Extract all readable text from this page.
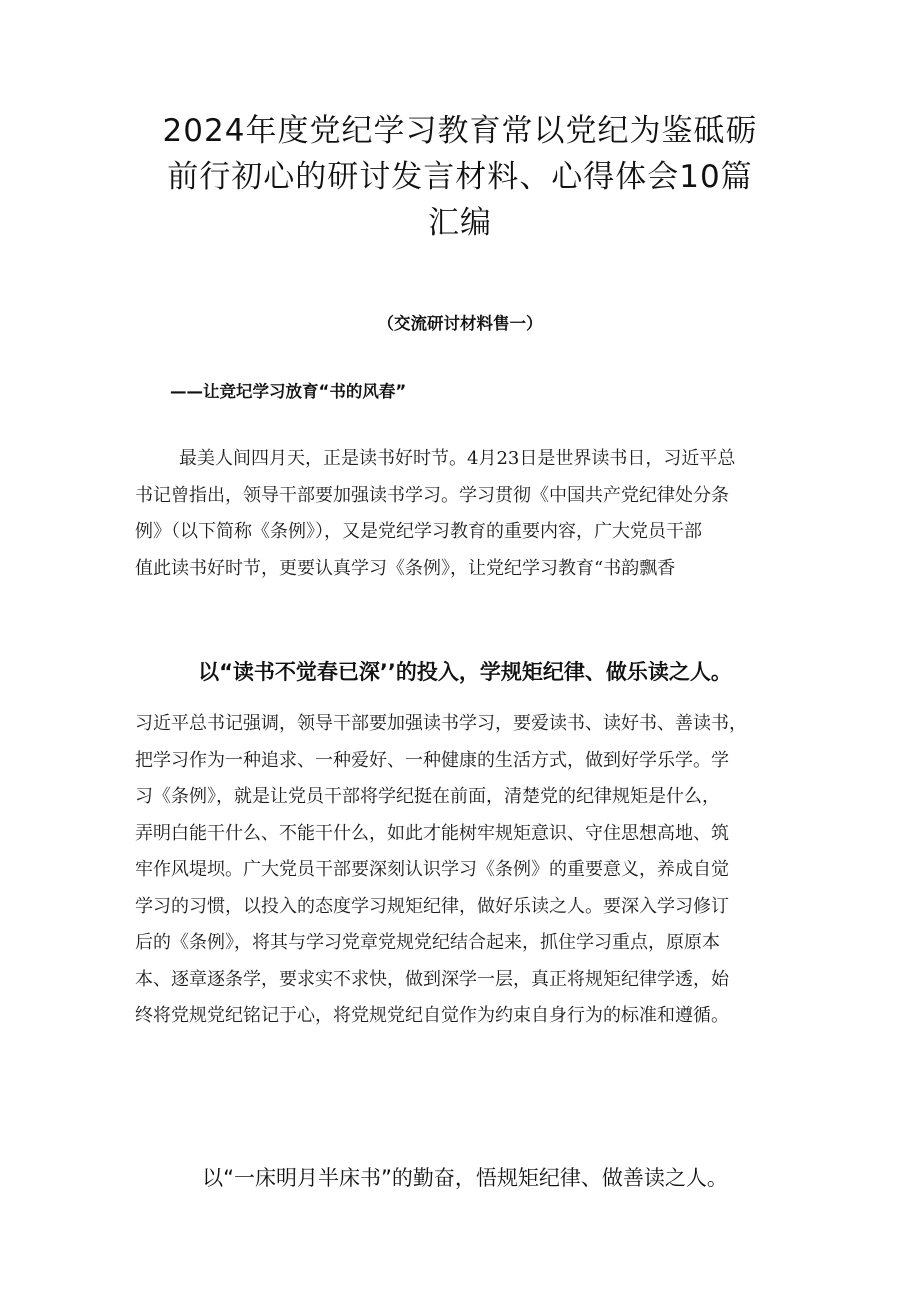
2024年度党纪学习教育常以党纪为鉴砥砺
前行初心的研讨发言材料、心得体会10篇
汇编
（交流研讨材料售一）
——让竞圮学习放育“书的风春”
最美人间四月天，正是读书好时节。4月23日是世界读书日，习近平总
书记曾指出，领导干部要加强读书学习。学习贯彻《中国共产党纪律处分条
例》（以下简称《条例》），又是党纪学习教育的重要内容，广大党员干部
值此读书好时节，更要认真学习《条例》，让党纪学习教育“书韵飘香
以“读书不觉春已深’’的投入，学规矩纪律、做乐读之人。
习近平总书记强调，领导干部要加强读书学习，要爱读书、读好书、善读书，
把学习作为一种追求、一种爱好、一种健康的生活方式，做到好学乐学。学
习《条例》，就是让党员干部将学纪挺在前面，清楚党的纪律规矩是什么，
弄明白能干什么、不能干什么，如此才能树牢规矩意识、守住思想高地、筑
牢作风堤坝。广大党员干部要深刻认识学习《条例》的重要意义，养成自觉
学习的习惯，以投入的态度学习规矩纪律，做好乐读之人。要深入学习修订
后的《条例》，将其与学习党章党规党纪结合起来，抓住学习重点，原原本
本、逐章逐条学，要求实不求快，做到深学一层，真正将规矩纪律学透，始
终将党规党纪铭记于心，将党规党纪自觉作为约束自身行为的标准和遵循。
以“一床明月半床书”的勤奋，悟规矩纪律、做善读之人。
